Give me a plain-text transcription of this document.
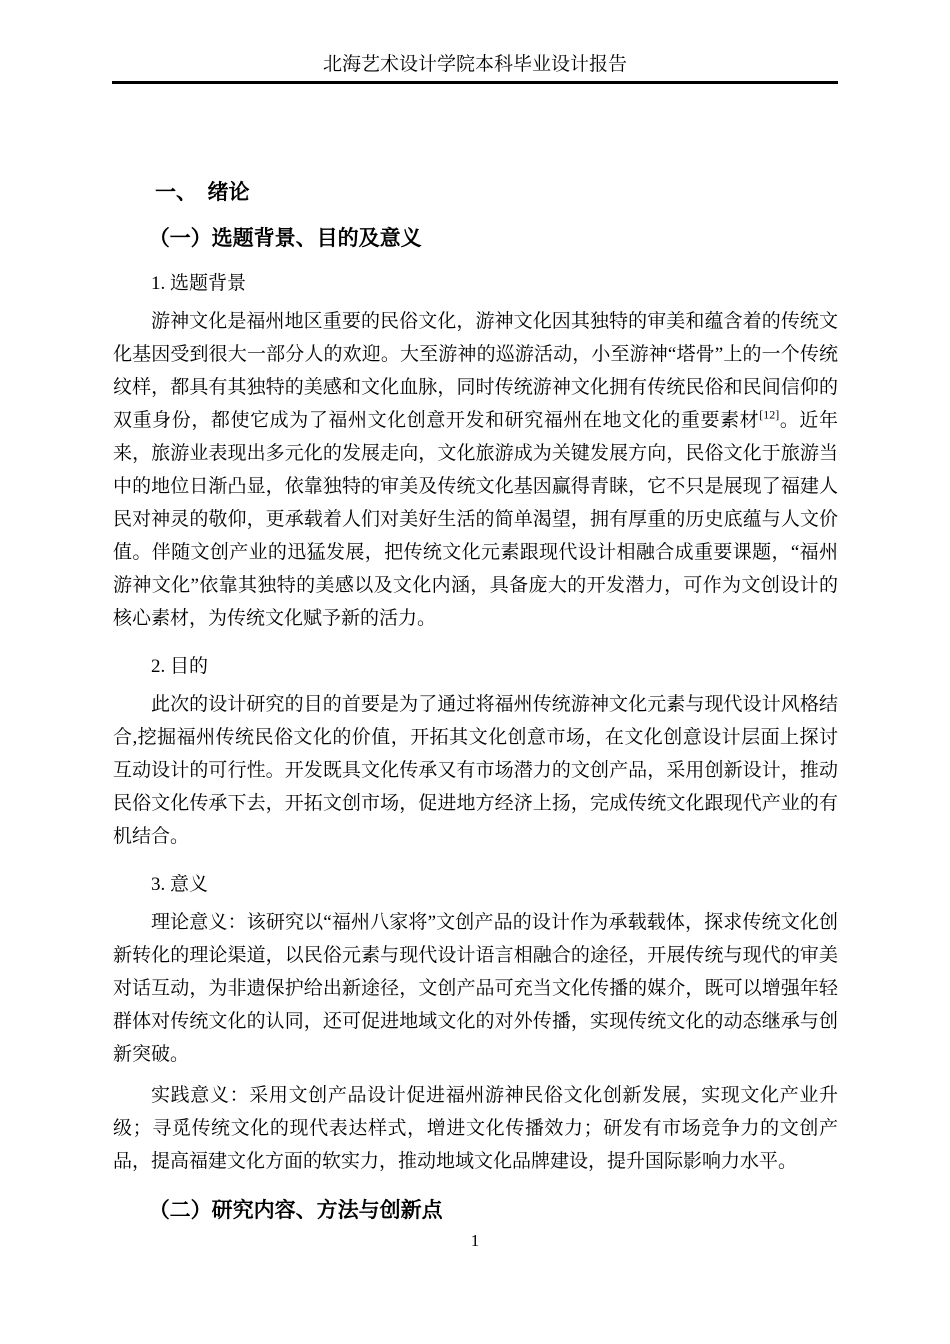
北海艺术设计学院本科毕业设计报告
一、　绪论
（一）选题背景、目的及意义
1. 选题背景

游神文化是福州地区重要的民俗文化，游神文化因其独特的审美和蕴含着的传统文化基因受到很大一部分人的欢迎。大至游神的巡游活动，小至游神“塔骨”上的一个传统纹样，都具有其独特的美感和文化血脉，同时传统游神文化拥有传统民俗和民间信仰的双重身份，都使它成为了福州文化创意开发和研究福州在地文化的重要素材[12]。近年来，旅游业表现出多元化的发展走向，文化旅游成为关键发展方向，民俗文化于旅游当中的地位日渐凸显，依靠独特的审美及传统文化基因赢得青睐，它不只是展现了福建人民对神灵的敬仰，更承载着人们对美好生活的简单渴望，拥有厚重的历史底蕴与人文价值。伴随文创产业的迅猛发展，把传统文化元素跟现代设计相融合成重要课题，“福州游神文化”依靠其独特的美感以及文化内涵，具备庞大的开发潜力，可作为文创设计的核心素材，为传统文化赋予新的活力。

2. 目的

此次的设计研究的目的首要是为了通过将福州传统游神文化元素与现代设计风格结合,挖掘福州传统民俗文化的价值，开拓其文化创意市场，在文化创意设计层面上探讨互动设计的可行性。开发既具文化传承又有市场潜力的文创产品，采用创新设计，推动民俗文化传承下去，开拓文创市场，促进地方经济上扬，完成传统文化跟现代产业的有机结合。

3. 意义

理论意义：该研究以“福州八家将”文创产品的设计作为承载载体，探求传统文化创新转化的理论渠道，以民俗元素与现代设计语言相融合的途径，开展传统与现代的审美对话互动，为非遗保护给出新途径，文创产品可充当文化传播的媒介，既可以增强年轻群体对传统文化的认同，还可促进地域文化的对外传播，实现传统文化的动态继承与创新突破。

实践意义：采用文创产品设计促进福州游神民俗文化创新发展，实现文化产业升级；寻觅传统文化的现代表达样式，增进文化传播效力；研发有市场竞争力的文创产品，提高福建文化方面的软实力，推动地域文化品牌建设，提升国际影响力水平。

（二）研究内容、方法与创新点
1
